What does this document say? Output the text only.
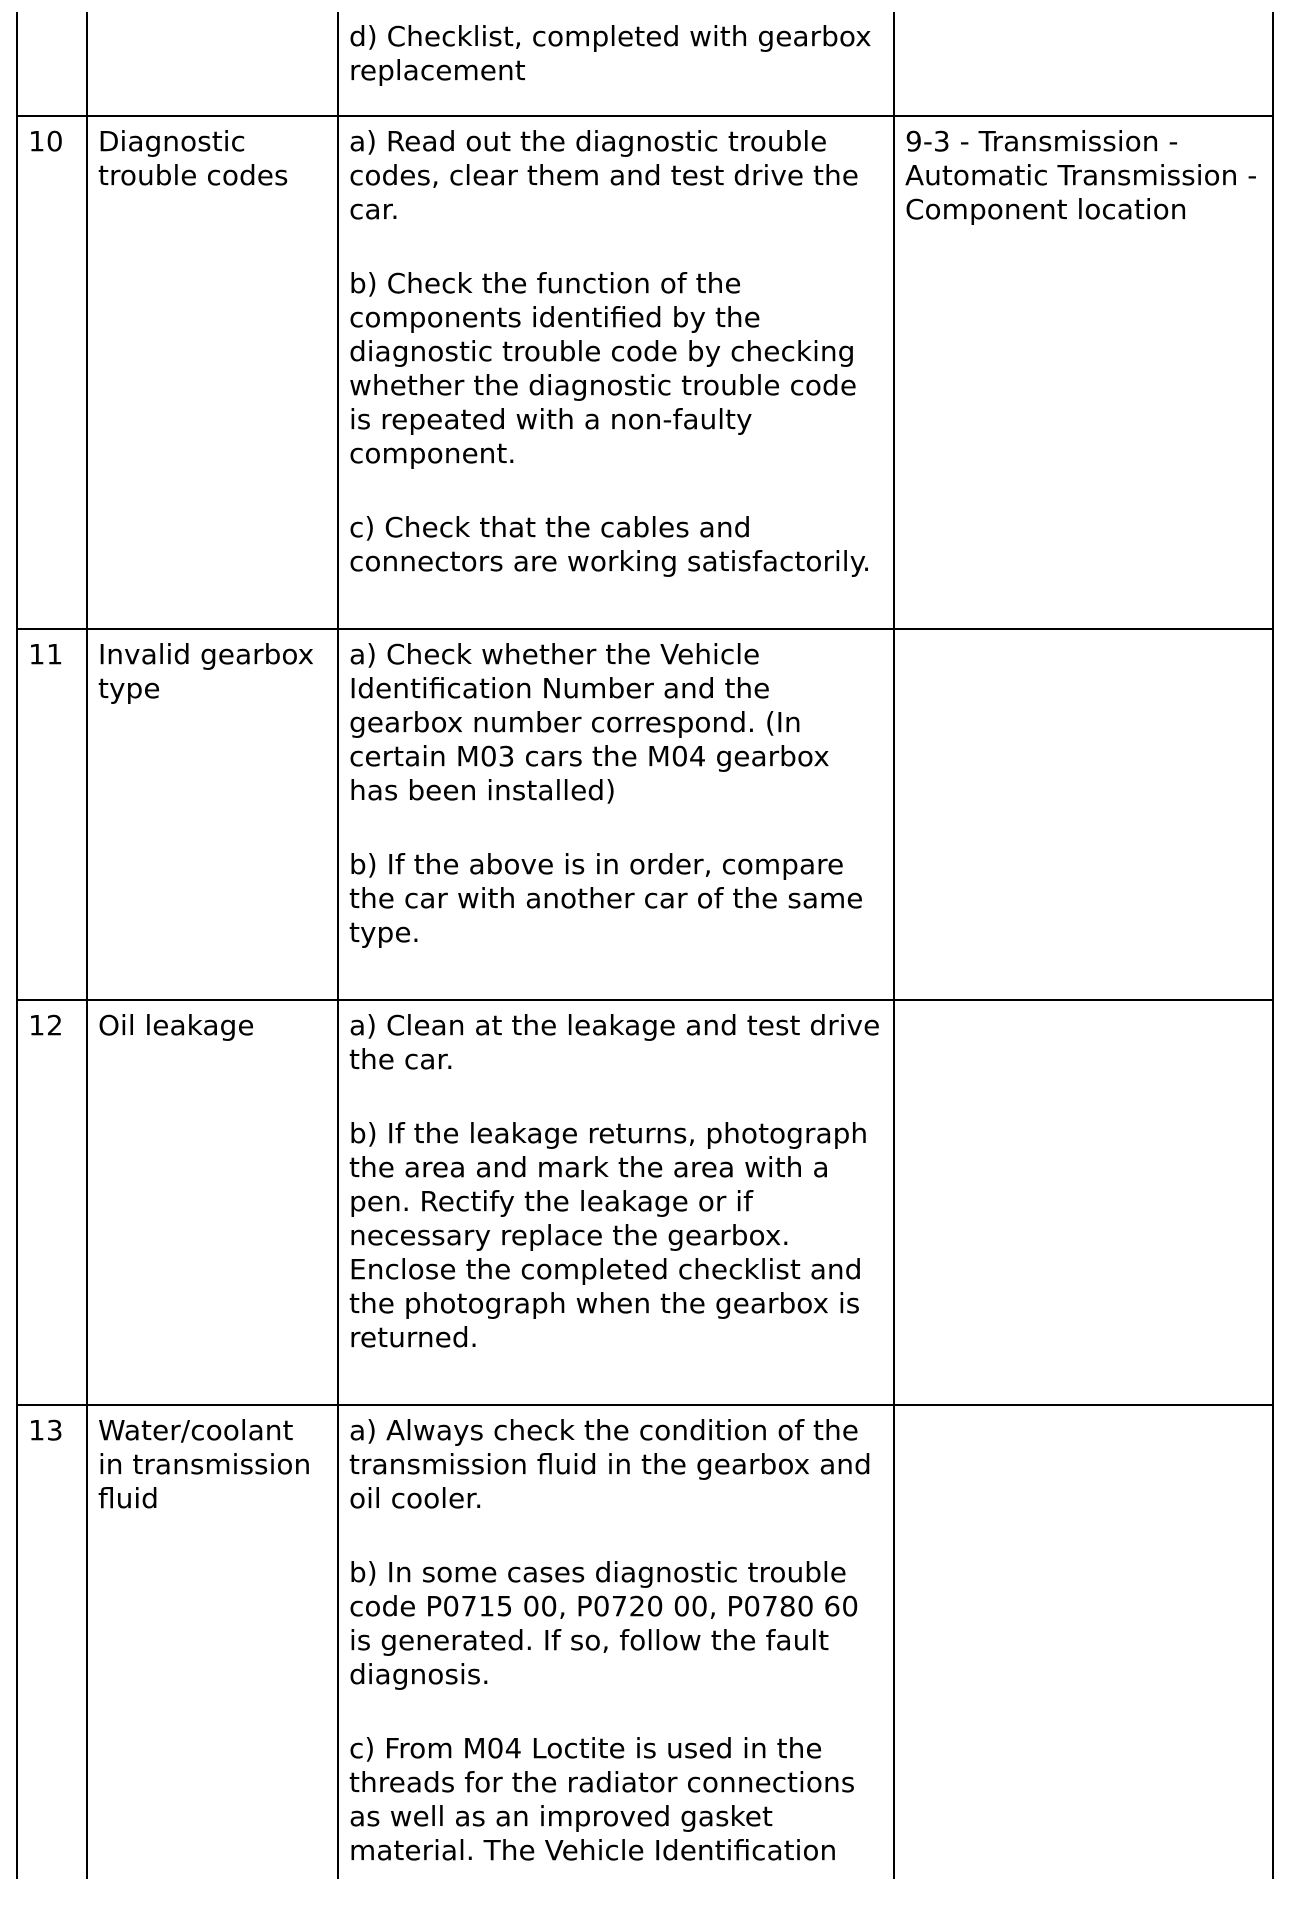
		d) Checklist, completed with gearbox replacement	

10	Diagnostic trouble codes	a) Read out the diagnostic trouble codes, clear them and test drive the car.

b) Check the function of the components identified by the diagnostic trouble code by checking whether the diagnostic trouble code is repeated with a non-faulty component.

c) Check that the cables and connectors are working satisfactorily.	9-3 - Transmission - Automatic Transmission - Component location
11	Invalid gearbox type	a) Check whether the Vehicle Identification Number and the gearbox number correspond. (In certain M03 cars the M04 gearbox has been installed)

b) If the above is in order, compare the car with another car of the same type.	

12	Oil leakage	a) Clean at the leakage and test drive the car.

b) If the leakage returns, photograph the area and mark the area with a pen. Rectify the leakage or if necessary replace the gearbox. Enclose the completed checklist and the photograph when the gearbox is returned.	

13	Water/coolant in transmission fluid	a) Always check the condition of the transmission fluid in the gearbox and oil cooler.

b) In some cases diagnostic trouble code P0715 00, P0720 00, P0780 60 is generated. If so, follow the fault diagnosis.

c) From M04 Loctite is used in the threads for the radiator connections as well as an improved gasket material. The Vehicle Identification	
